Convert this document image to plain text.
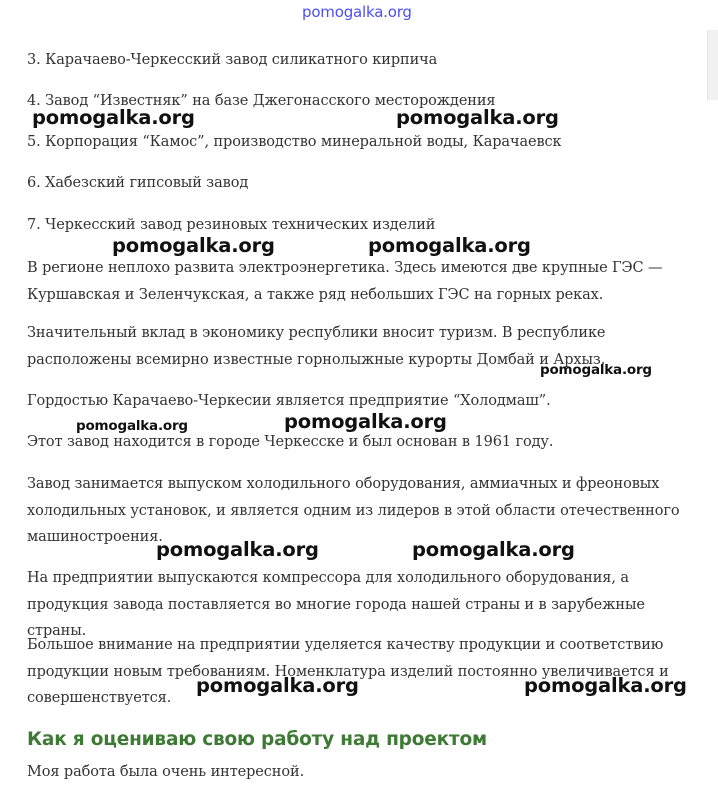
pomogalka.org

3. Карачаево-Черкесский завод силикатного кирпича

4. Завод “Известняк” на базе Джегонасского месторождения

5. Корпорация “Камос”, производство минеральной воды, Карачаевск

6. Хабезский гипсовый завод

7. Черкесский завод резиновых технических изделий

В регионе неплохо развита электроэнергетика. Здесь имеются две крупные ГЭС — Куршавская и Зеленчукская, а также ряд небольших ГЭС на горных реках.

Значительный вклад в экономику республики вносит туризм. В республике расположены всемирно известные горнолыжные курорты Домбай и Архыз.

Гордостью Карачаево-Черкесии является предприятие “Холодмаш”.

Этот завод находится в городе Черкесске и был основан в 1961 году.

Завод занимается выпуском холодильного оборудования, аммиачных и фреоновых холодильных установок, и является одним из лидеров в этой области отечественного машиностроения.

На предприятии выпускаются компрессора для холодильного оборудования, а продукция завода поставляется во многие города нашей страны и в зарубежные страны.

Большое внимание на предприятии уделяется качеству продукции и соответствию продукции новым требованиям. Номенклатура изделий постоянно увеличивается и совершенствуется.

Как я оцениваю свою работу над проектом

Моя работа была очень интересной.

pomogalka.org	pomogalka.org
pomogalka.org	pomogalka.org
pomogalka.org
pomogalka.org
pomogalka.org
pomogalka.org	pomogalka.org
pomogalka.org	pomogalka.org
